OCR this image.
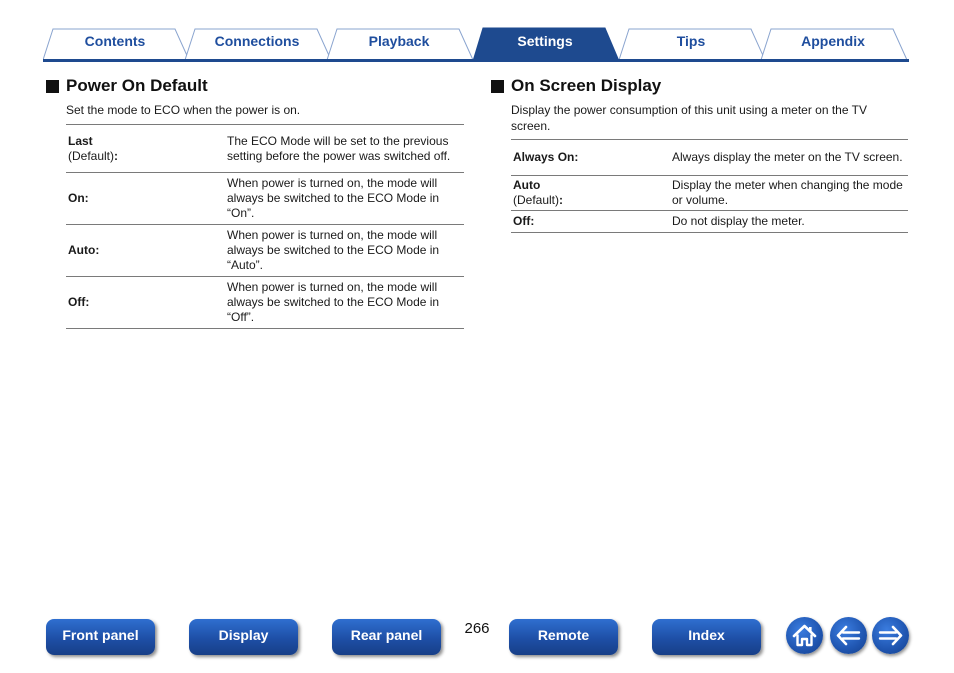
Contents	Connections	Playback	Settings	Tips	Appendix
Power On Default
Set the mode to ECO when the power is on.
Last
(Default):	The ECO Mode will be set to the previous setting before the power was switched off.
On:	When power is turned on, the mode will always be switched to the ECO Mode in “On”.
Auto:	When power is turned on, the mode will always be switched to the ECO Mode in “Auto”.
Off:	When power is turned on, the mode will always be switched to the ECO Mode in “Off”.
On Screen Display
Display the power consumption of this unit using a meter on the TV screen.
Always On:	Always display the meter on the TV screen.
Auto
(Default):	Display the meter when changing the mode or volume.
Off:	Do not display the meter.
Front panel	Display	Rear panel	266	Remote	Index
